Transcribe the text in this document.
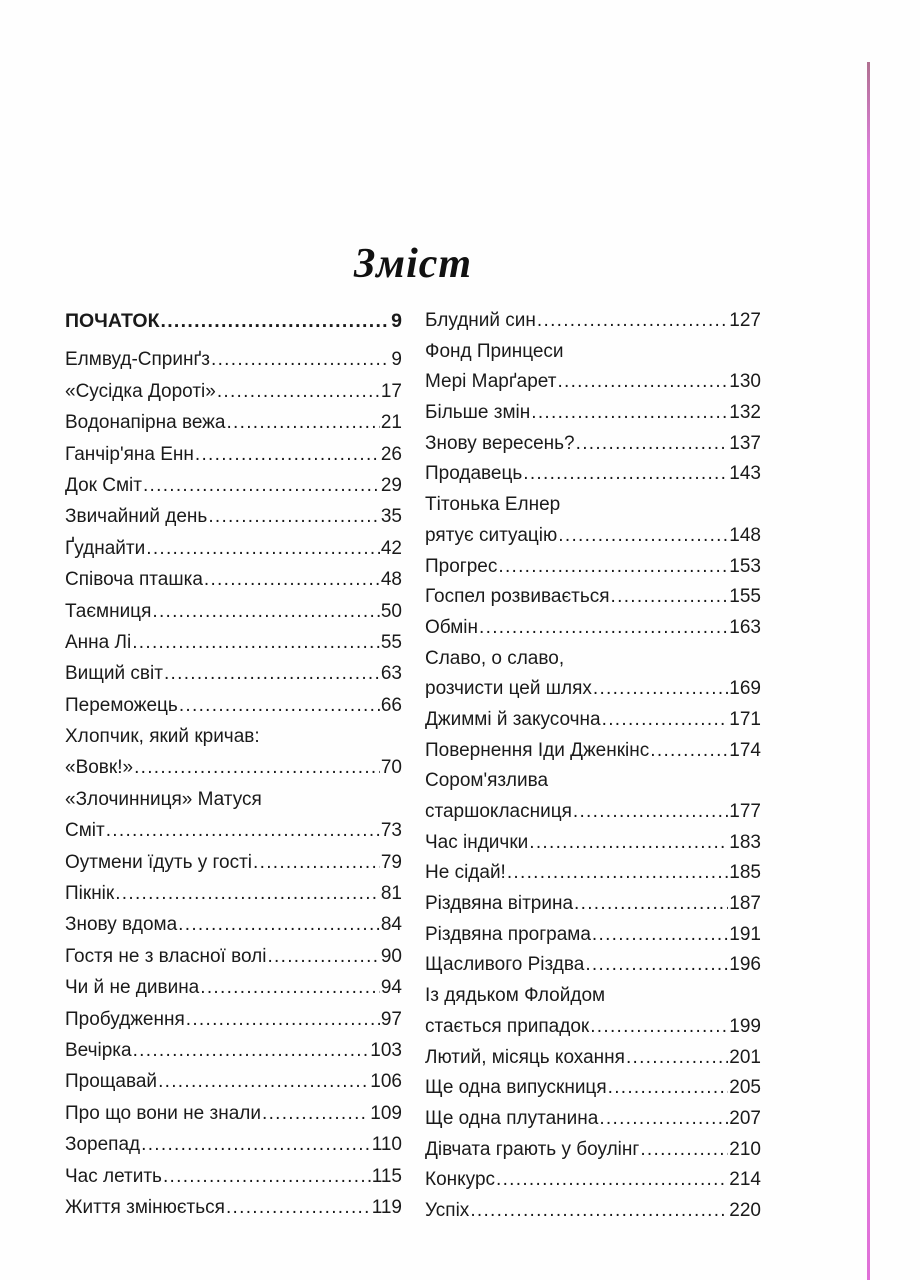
Зміст
ПОЧАТОК .....	9
Елмвуд-Спринґз .....	9
«Сусідка Дороті» .....	17
Водонапірна вежа .....	21
Ганчір'яна Енн .....	26
Док Сміт .....	29
Звичайний день .....	35
Ґуднайти .....	42
Співоча пташка .....	48
Таємниця .....	50
Анна Лі .....	55
Вищий світ .....	63
Переможець .....	66
Хлопчик, який кричав:
«Вовк!» .....	70
«Злочинниця» Матуся
Сміт .....	73
Оутмени їдуть у гості .....	79
Пікнік .....	81
Знову вдома .....	84
Гостя не з власної волі .....	90
Чи й не дивина .....	94
Пробудження .....	97
Вечірка .....	103
Прощавай .....	106
Про що вони не знали .....	109
Зорепад .....	110
Час летить .....	115
Життя змінюється .....	119
Блудний син .....	127
Фонд Принцеси
Мері Марґарет .....	130
Більше змін .....	132
Знову вересень? .....	137
Продавець .....	143
Тітонька Елнер
рятує ситуацію .....	148
Прогрес .....	153
Госпел розвивається .....	155
Обмін .....	163
Славо, о славо,
розчисти цей шлях .....	169
Джиммі й закусочна .....	171
Повернення Іди Дженкінс .....	174
Сором'язлива
старшокласниця .....	177
Час індички .....	183
Не сідай! .....	185
Різдвяна вітрина .....	187
Різдвяна програма .....	191
Щасливого Різдва .....	196
Із дядьком Флойдом
стається припадок .....	199
Лютий, місяць кохання .....	201
Ще одна випускниця .....	205
Ще одна плутанина .....	207
Дівчата грають у боулінг .....	210
Конкурс .....	214
Успіх .....	220
